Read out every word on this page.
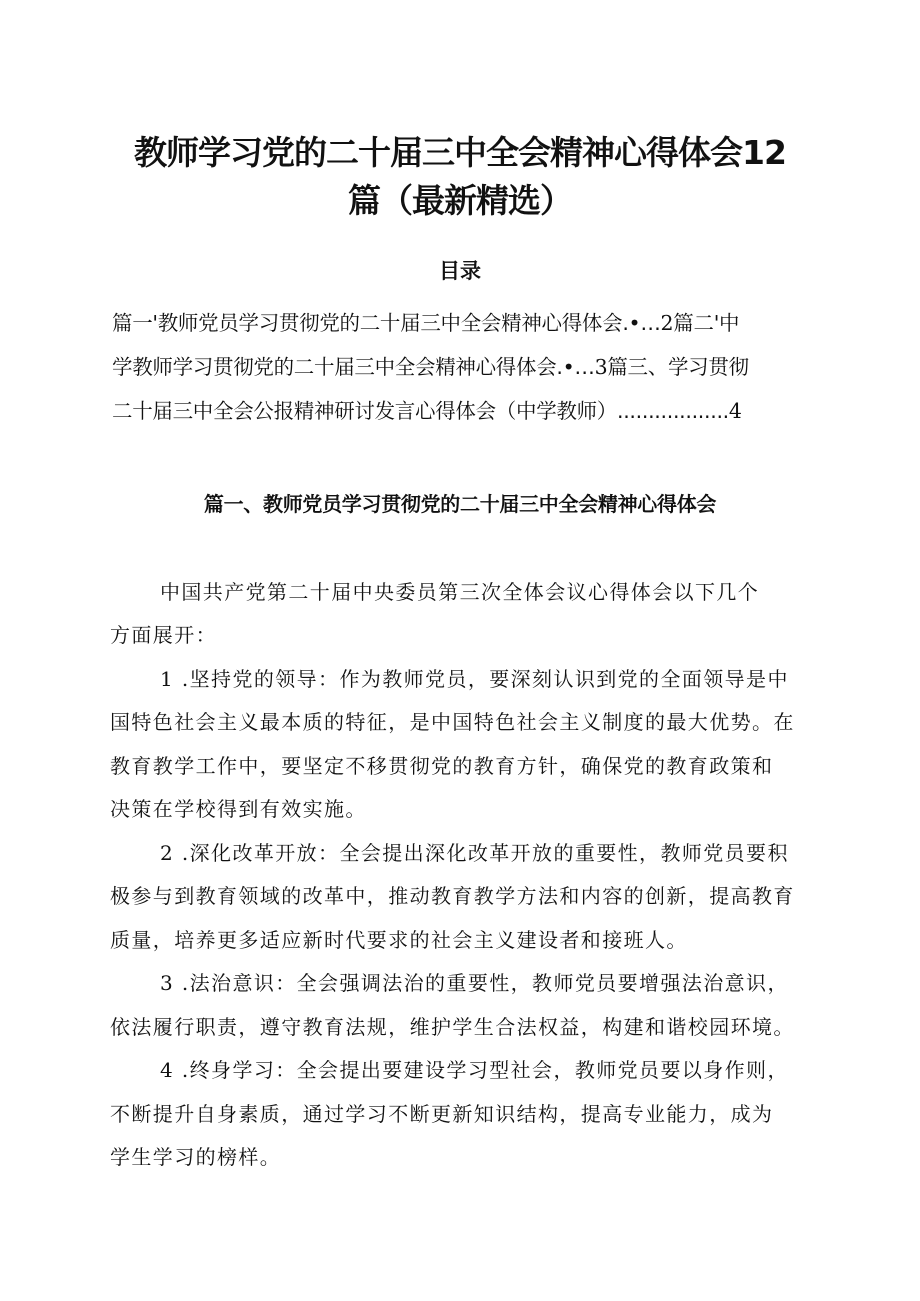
教师学习党的二十届三中全会精神心得体会12
篇（最新精选）
目录
篇一'教师党员学习贯彻党的二十届三中全会精神心得体会.•…2篇二'中
学教师学习贯彻党的二十届三中全会精神心得体会.•…3篇三、学习贯彻
二十届三中全会公报精神研讨发言心得体会（中学教师）..................4
篇一、教师党员学习贯彻党的二十届三中全会精神心得体会
中国共产党第二十届中央委员第三次全体会议心得体会以下几个
方面展开：
1 .坚持党的领导：作为教师党员，要深刻认识到党的全面领导是中
国特色社会主义最本质的特征，是中国特色社会主义制度的最大优势。在
教育教学工作中，要坚定不移贯彻党的教育方针，确保党的教育政策和
决策在学校得到有效实施。
2 .深化改革开放：全会提出深化改革开放的重要性，教师党员要积
极参与到教育领域的改革中，推动教育教学方法和内容的创新，提高教育
质量，培养更多适应新时代要求的社会主义建设者和接班人。
3 .法治意识：全会强调法治的重要性，教师党员要增强法治意识，
依法履行职责，遵守教育法规，维护学生合法权益，构建和谐校园环境。
4 .终身学习：全会提出要建设学习型社会，教师党员要以身作则，
不断提升自身素质，通过学习不断更新知识结构，提高专业能力，成为
学生学习的榜样。
